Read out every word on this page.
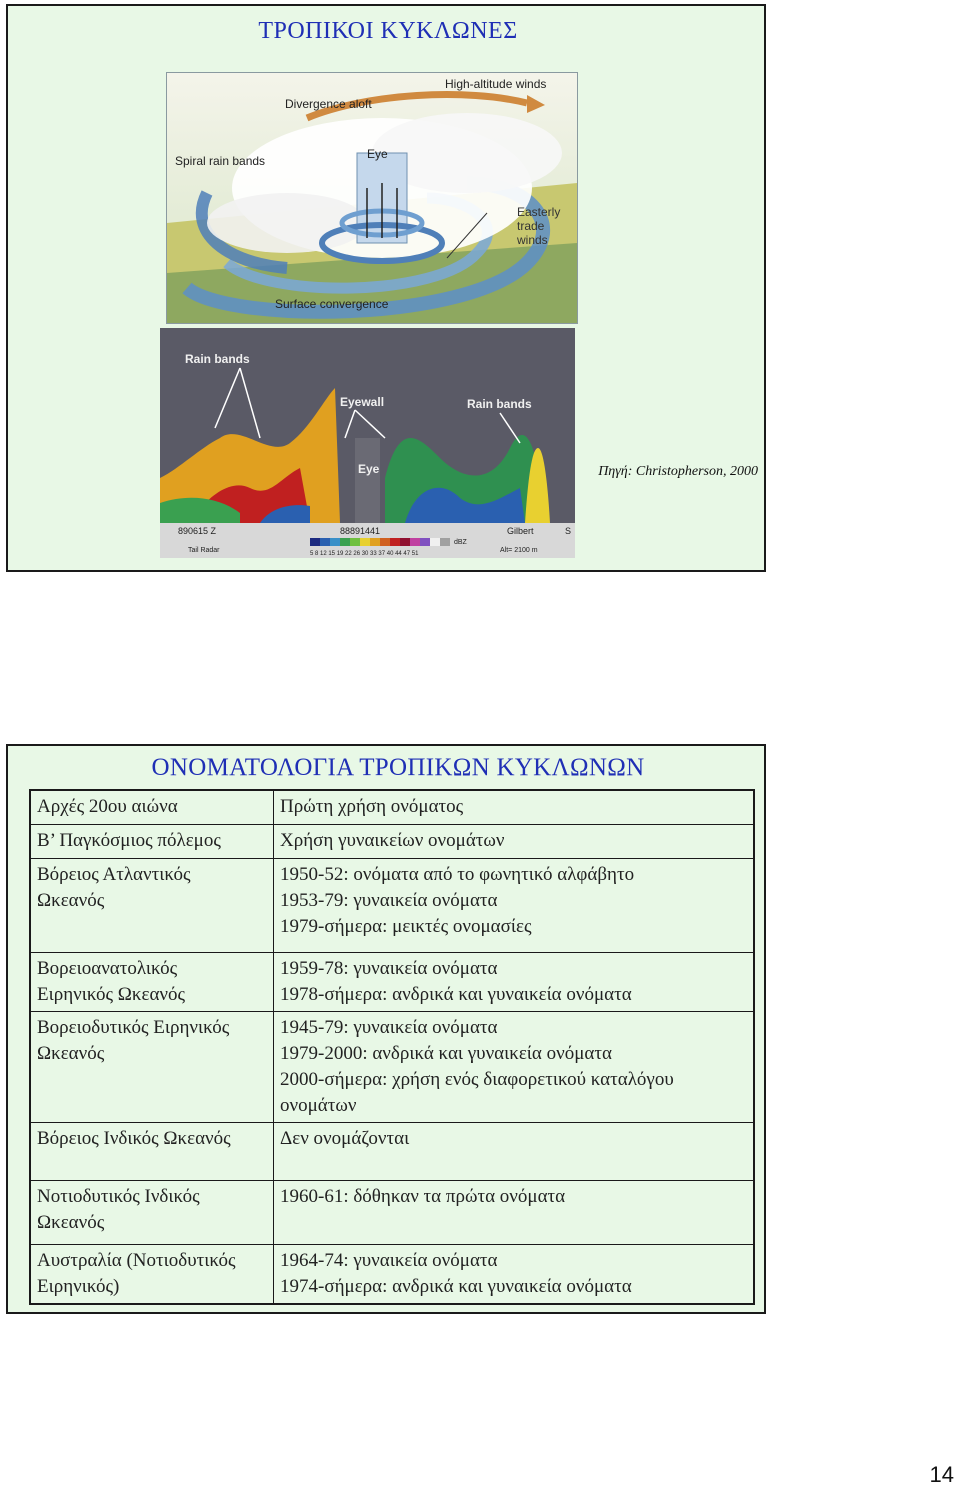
ΤΡΟΠΙΚΟΙ ΚΥΚΛΩΝΕΣ
High-altitude winds
Divergence aloft
Spiral rain bands	Eye
Easterly
trade
winds
Surface convergence
Rain bands
Eyewall	Rain bands
Eye
890615 Z	88891441	Gilbert	S
Tail Radar
dBZ
5 8 12 15 19 22 26 30 33 37 40 44 47 51	Alt= 2100 m
Πηγή: Christopherson, 2000
ΟΝΟΜΑΤΟΛΟΓΙΑ ΤΡΟΠΙΚΩΝ ΚΥΚΛΩΝΩΝ
Αρχές 20ου αιώνα	Πρώτη χρήση ονόματος

Β’ Παγκόσμιος πόλεμος	Χρήση γυναικείων ονομάτων

Βόρειος Ατλαντικός
Ωκεανός	1950-52: ονόματα από το φωνητικό αλφάβητο
1953-79: γυναικεία ονόματα
1979-σήμερα: μεικτές ονομασίες

Βορειοανατολικός
Ειρηνικός Ωκεανός	1959-78: γυναικεία ονόματα
1978-σήμερα: ανδρικά και γυναικεία ονόματα

Βορειοδυτικός Ειρηνικός
Ωκεανός	1945-79: γυναικεία ονόματα
1979-2000: ανδρικά και γυναικεία ονόματα
2000-σήμερα: χρήση ενός διαφορετικού καταλόγου
ονομάτων

Βόρειος Ινδικός Ωκεανός	Δεν ονομάζονται

Νοτιοδυτικός Ινδικός
Ωκεανός	1960-61: δόθηκαν τα πρώτα ονόματα

Αυστραλία (Νοτιοδυτικός
Ειρηνικός)	1964-74: γυναικεία ονόματα
1974-σήμερα: ανδρικά και γυναικεία ονόματα
14
